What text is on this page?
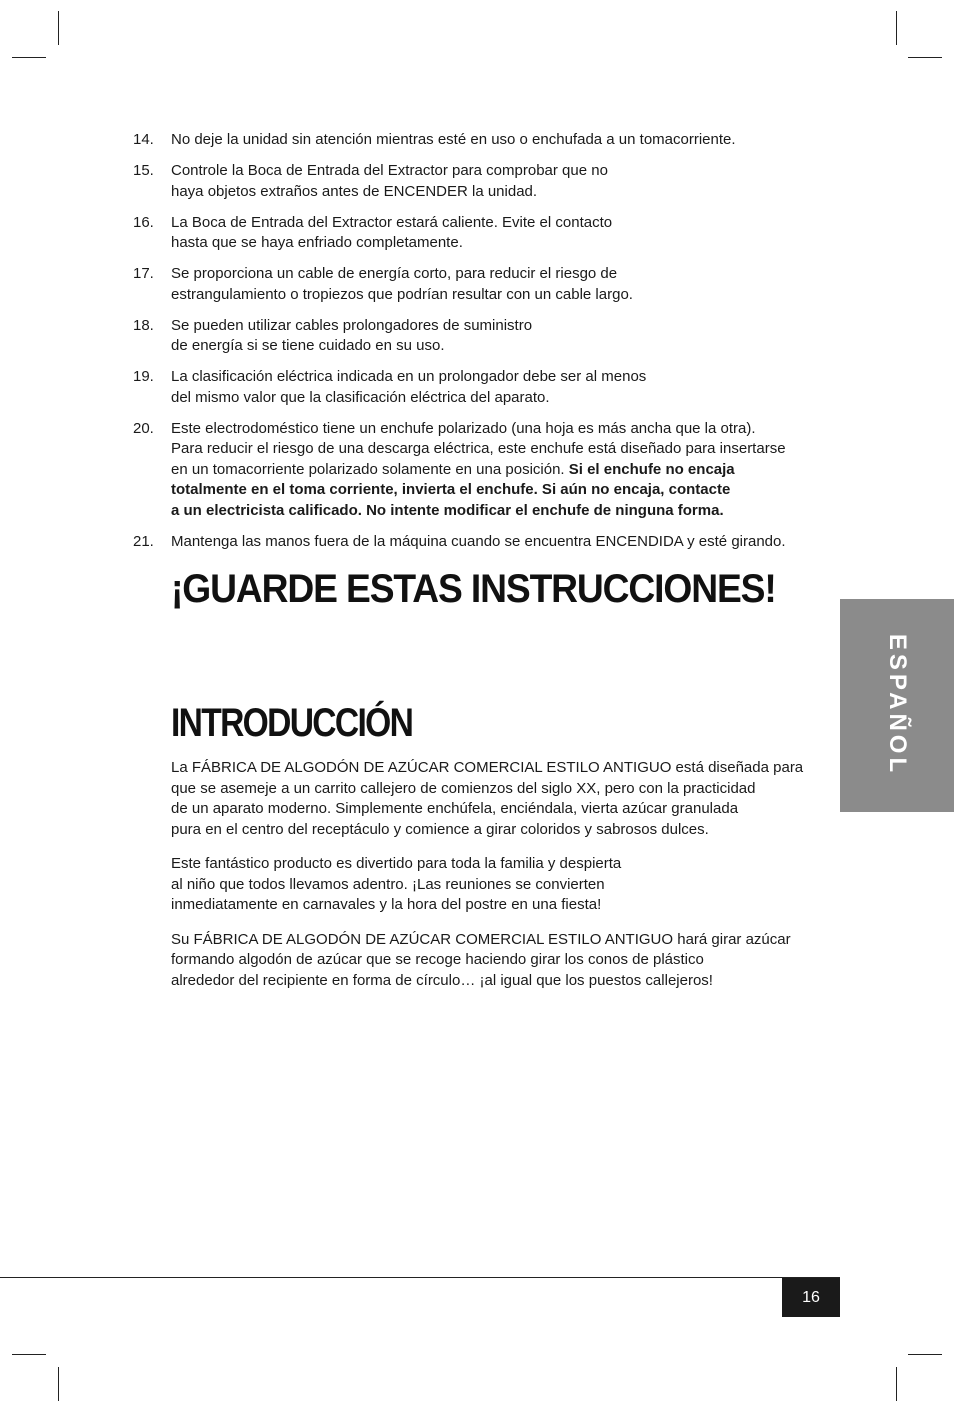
14. No deje la unidad sin atención mientras esté en uso o enchufada a un tomacorriente.
15. Controle la Boca de Entrada del Extractor para comprobar que no
haya objetos extraños antes de ENCENDER la unidad.
16. La Boca de Entrada del Extractor estará caliente. Evite el contacto
hasta que se haya enfriado completamente.
17. Se proporciona un cable de energía corto, para reducir el riesgo de
estrangulamiento o tropiezos que podrían resultar con un cable largo.
18. Se pueden utilizar cables prolongadores de suministro
de energía si se tiene cuidado en su uso.
19. La clasificación eléctrica indicada en un prolongador debe ser al menos
del mismo valor que la clasificación eléctrica del aparato.
20. Este electrodoméstico tiene un enchufe polarizado (una hoja es más ancha que la otra).
Para reducir el riesgo de una descarga eléctrica, este enchufe está diseñado para insertarse
en un tomacorriente polarizado solamente en una posición. Si el enchufe no encaja
totalmente en el toma corriente, invierta el enchufe. Si aún no encaja, contacte
a un electricista calificado. No intente modificar el enchufe de ninguna forma.
21. Mantenga las manos fuera de la máquina cuando se encuentra ENCENDIDA y esté girando.
¡GUARDE ESTAS INSTRUCCIONES!
INTRODUCCIÓN

La FÁBRICA DE ALGODÓN DE AZÚCAR COMERCIAL ESTILO ANTIGUO está diseñada para
que se asemeje a un carrito callejero de comienzos del siglo XX, pero con la practicidad
de un aparato moderno. Simplemente enchúfela, enciéndala, vierta azúcar granulada
pura en el centro del receptáculo y comience a girar coloridos y sabrosos dulces.

Este fantástico producto es divertido para toda la familia y despierta
al niño que todos llevamos adentro. ¡Las reuniones se convierten
inmediatamente en carnavales y la hora del postre en una fiesta!

Su FÁBRICA DE ALGODÓN DE AZÚCAR COMERCIAL ESTILO ANTIGUO hará girar azúcar
formando algodón de azúcar que se recoge haciendo girar los conos de plástico
alrededor del recipiente en forma de círculo… ¡al igual que los puestos callejeros!

ESPAÑOL
16
